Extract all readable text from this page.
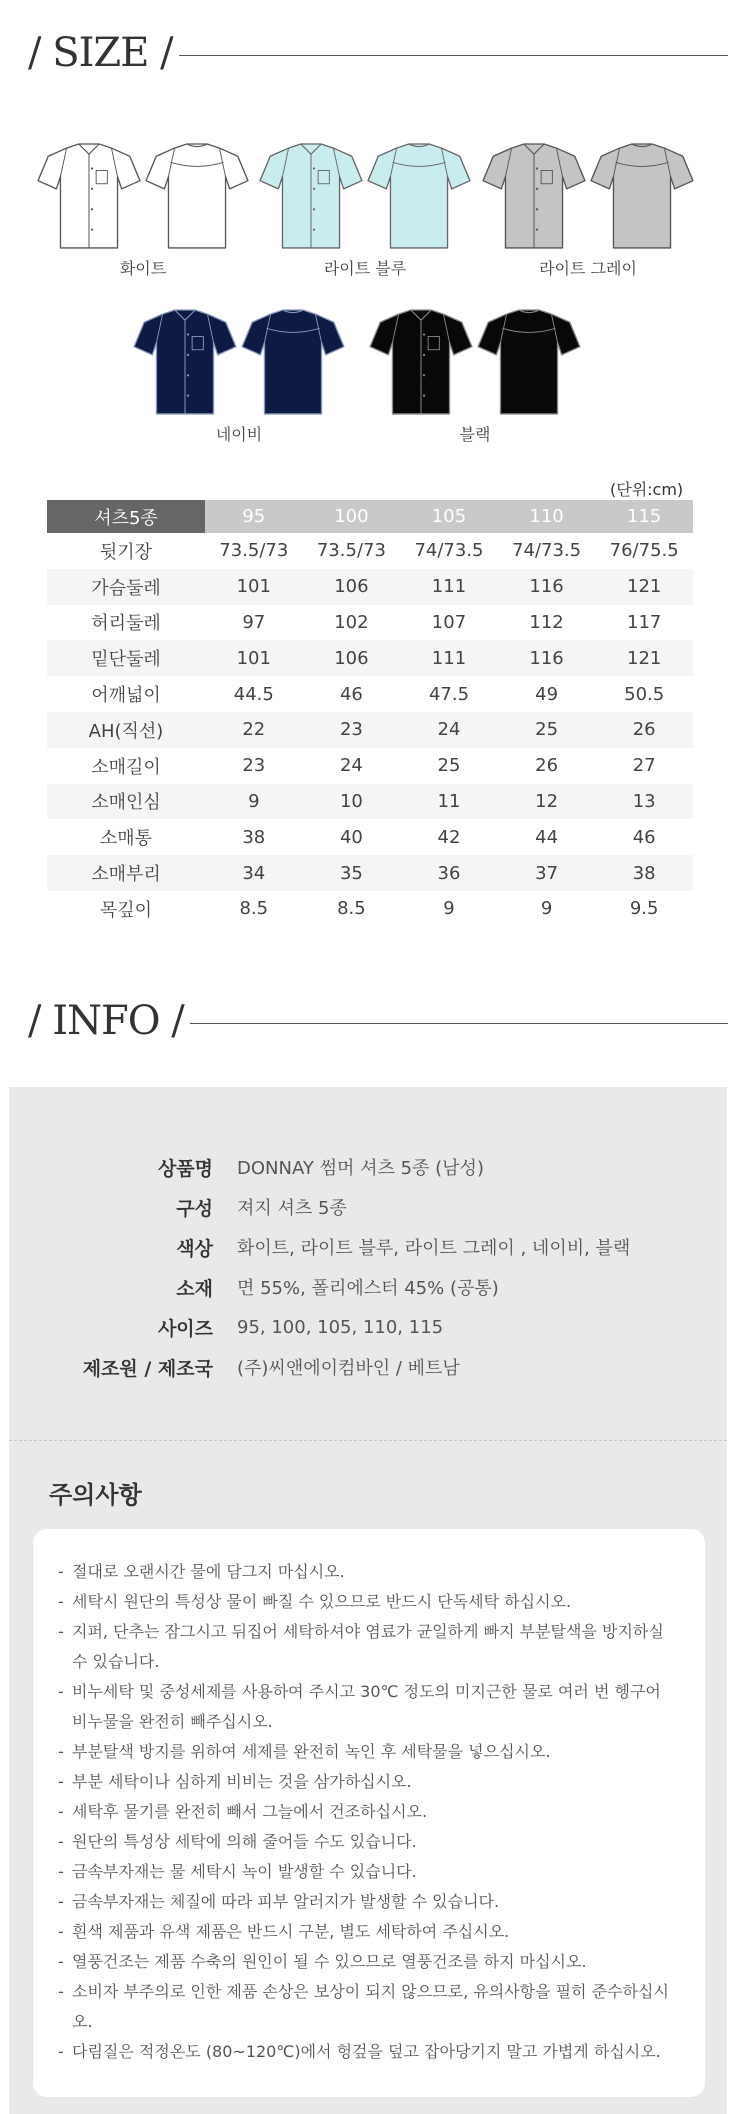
/ SIZE /
화이트	라이트 블루	라이트 그레이
네이비	블랙
(단위:cm)
셔츠5종	95	100	105	110	115
뒷기장	73.5/73	73.5/73	74/73.5	74/73.5	76/75.5
가슴둘레	101	106	111	116	121
허리둘레	97	102	107	112	117
밑단둘레	101	106	111	116	121
어깨넓이	44.5	46	47.5	49	50.5
AH(직선)	22	23	24	25	26
소매길이	23	24	25	26	27
소매인심	9	10	11	12	13
소매통	38	40	42	44	46
소매부리	34	35	36	37	38
목깊이	8.5	8.5	9	9	9.5
/ INFO /
상품명	DONNAY 썸머 셔츠 5종 (남성)
구성	져지 셔츠 5종
색상	화이트, 라이트 블루, 라이트 그레이 , 네이비, 블랙
소재	면 55%, 폴리에스터 45% (공통)
사이즈	95, 100, 105, 110, 115
제조원 / 제조국	(주)씨앤에이컴바인 / 베트남
주의사항
- 절대로 오랜시간 물에 담그지 마십시오.
- 세탁시 원단의 특성상 물이 빠질 수 있으므로 반드시 단독세탁 하십시오.
- 지퍼, 단추는 잠그시고 뒤집어 세탁하셔야 염료가 균일하게 빠지 부분탈색을 방지하실 수 있습니다.
- 비누세탁 및 중성세제를 사용하여 주시고 30℃ 정도의 미지근한 물로 여러 번 헹구어 비누물을 완전히 빼주십시오.
- 부분탈색 방지를 위하여 세제를 완전히 녹인 후 세탁물을 넣으십시오.
- 부분 세탁이나 심하게 비비는 것을 삼가하십시오.
- 세탁후 물기를 완전히 빼서 그늘에서 건조하십시오.
- 원단의 특성상 세탁에 의해 줄어들 수도 있습니다.
- 금속부자재는 물 세탁시 녹이 발생할 수 있습니다.
- 금속부자재는 체질에 따라 피부 알러지가 발생할 수 있습니다.
- 흰색 제품과 유색 제품은 반드시 구분, 별도 세탁하여 주십시오.
- 열풍건조는 제품 수축의 원인이 될 수 있으므로 열풍건조를 하지 마십시오.
- 소비자 부주의로 인한 제품 손상은 보상이 되지 않으므로, 유의사항을 필히 준수하십시오.
- 다림질은 적정온도 (80~120℃)에서 헝겊을 덮고 잡아당기지 말고 가볍게 하십시오.
